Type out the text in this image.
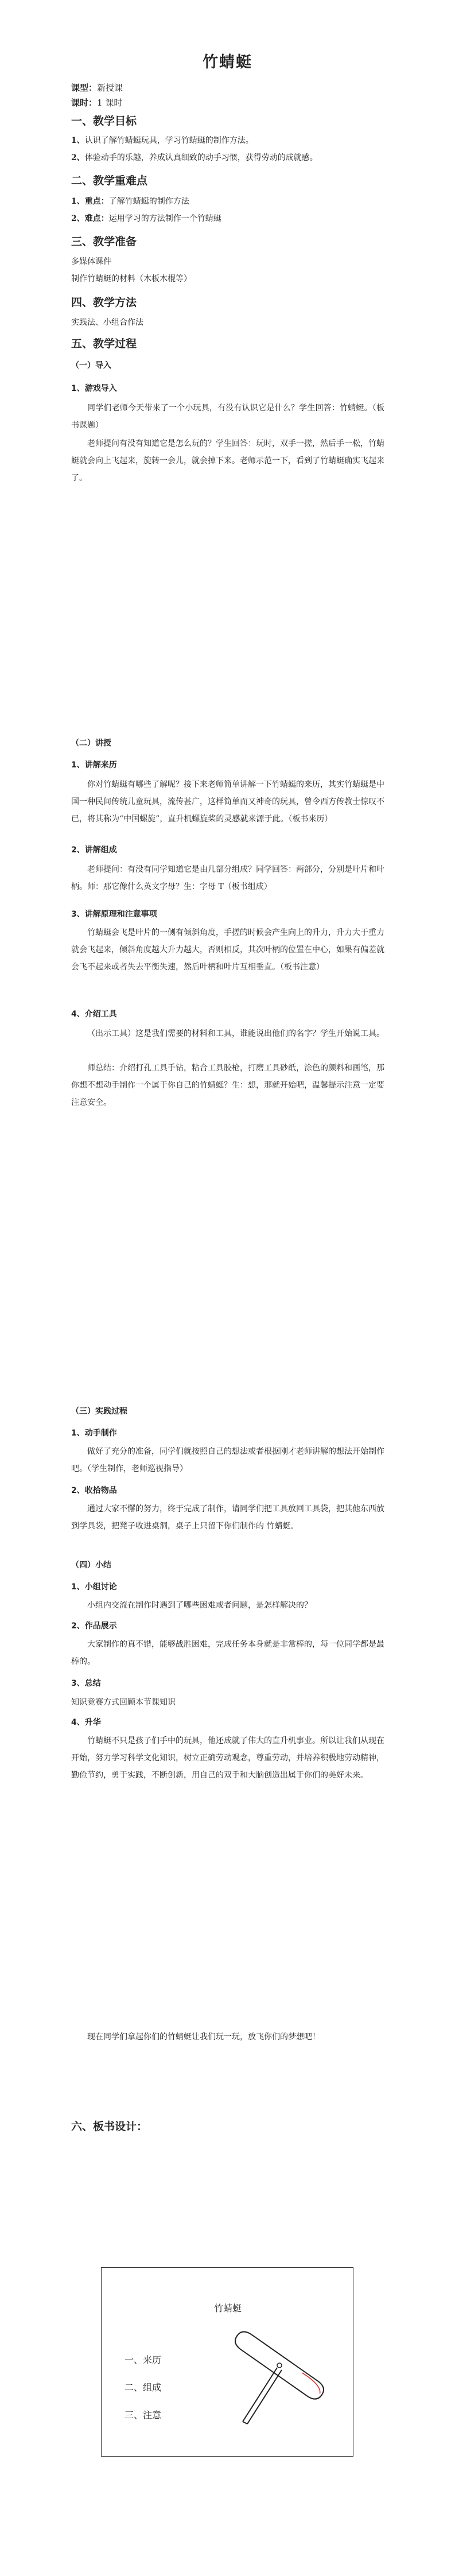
竹蜻蜓
课型：新授课
课时：1 课时
一、教学目标
1、认识了解竹蜻蜓玩具，学习竹蜻蜓的制作方法。
2、体验动手的乐趣，养成认真细致的动手习惯，获得劳动的成就感。
二、教学重难点
1、重点：了解竹蜻蜓的制作方法
2、难点：运用学习的方法制作一个竹蜻蜓
三、教学准备
多媒体课件
制作竹蜻蜓的材料（木板木棍等）
四、教学方法
实践法、小组合作法
五、教学过程
（一）导入
1、游戏导入
同学们老师今天带来了一个小玩具，有没有认识它是什么？学生回答：竹蜻蜓。（板书课题）
老师提问有没有知道它是怎么玩的？学生回答：玩时，双手一搓，然后手一松，竹蜻蜓就会向上飞起来，旋转一会儿，就会掉下来。老师示范一下，看到了竹蜻蜓确实飞起来了。
（二）讲授
1、讲解来历
你对竹蜻蜓有哪些了解呢？接下来老师简单讲解一下竹蜻蜓的来历，其实竹蜻蜓是中国一种民间传统儿童玩具，流传甚广，这样简单而又神奇的玩具，曾令西方传教士惊叹不已，将其称为“中国螺旋”，直升机螺旋桨的灵感就来源于此。（板书来历）
2、讲解组成
老师提问：有没有同学知道它是由几部分组成？同学回答：两部分，分别是叶片和叶柄。师：那它像什么英文字母？生：字母 T（板书组成）
3、讲解原理和注意事项
竹蜻蜓会飞是叶片的一侧有倾斜角度，手搓的时候会产生向上的升力，升力大于重力就会飞起来，倾斜角度越大升力越大，否则相反，其次叶柄的位置在中心，如果有偏差就会飞不起来或者失去平衡失速，然后叶柄和叶片互相垂直。（板书注意）
4、介绍工具
（出示工具）这是我们需要的材料和工具，谁能说出他们的名字？学生开始说工具。
师总结：介绍打孔工具手钻，粘合工具胶枪，打磨工具砂纸，涂色的颜料和画笔，那你想不想动手制作一个属于你自己的竹蜻蜓？生：想，那就开始吧，温馨提示注意一定要注意安全。
（三）实践过程
1、动手制作
做好了充分的准备，同学们就按照自己的想法或者根据刚才老师讲解的想法开始制作吧。（学生制作，老师巡视指导）
2、收拾物品
通过大家不懈的努力，终于完成了制作，请同学们把工具放回工具袋，把其他东西放到学具袋，把凳子收进桌洞，桌子上只留下你们制作的 竹蜻蜓。
（四）小结
1、小组讨论
小组内交流在制作时遇到了哪些困难或者问题，是怎样解决的？
2、作品展示
大家制作的真不错，能够战胜困难，完成任务本身就是非常棒的，每一位同学都是最棒的。
3、总结
知识竞赛方式回顾本节课知识
4、升华
竹蜻蜓不只是孩子们手中的玩具，他还成就了伟大的直升机事业。所以让我们从现在开始，努力学习科学文化知识，树立正确劳动观念，尊重劳动，并培养积极地劳动精神，勤俭节约，勇于实践，不断创新，用自己的双手和大脑创造出属于你们的美好未来。
现在同学们拿起你们的竹蜻蜓让我们玩一玩，放飞你们的梦想吧！
六、板书设计：
竹蜻蜓
一、来历
二、组成
三、注意
